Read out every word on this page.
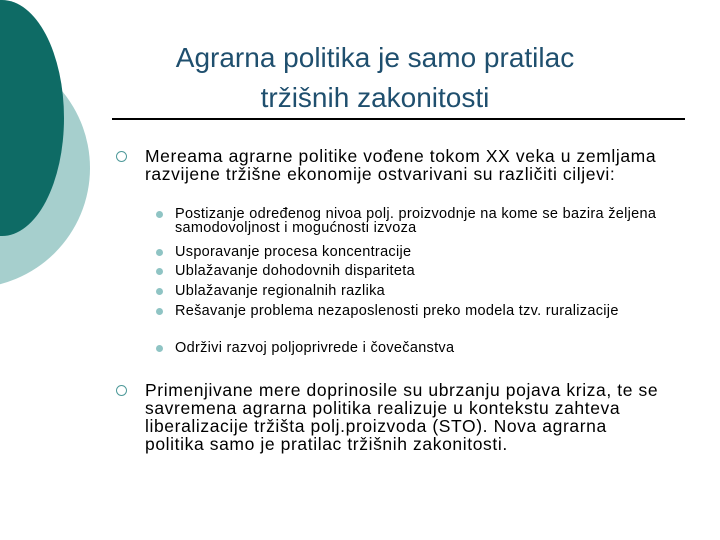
Agrarna politika je samo pratilac tržišnih zakonitosti
Mereama agrarne politike vođene tokom XX veka u zemljama razvijene tržišne ekonomije ostvarivani su različiti ciljevi:
Postizanje određenog nivoa polj. proizvodnje na kome se bazira željena samodovoljnost i mogućnosti izvoza
Usporavanje procesa koncentracije
Ublažavanje dohodovnih dispariteta
Ublažavanje regionalnih razlika
Rešavanje problema nezaposlenosti preko modela tzv. ruralizacije
Održivi razvoj poljoprivrede i čovečanstva
Primenjivane mere doprinosile su ubrzanju pojava kriza, te se savremena agrarna politika realizuje u kontekstu zahteva liberalizacije tržišta polj.proizvoda (STO). Nova agrarna politika samo je pratilac tržišnih zakonitosti.
